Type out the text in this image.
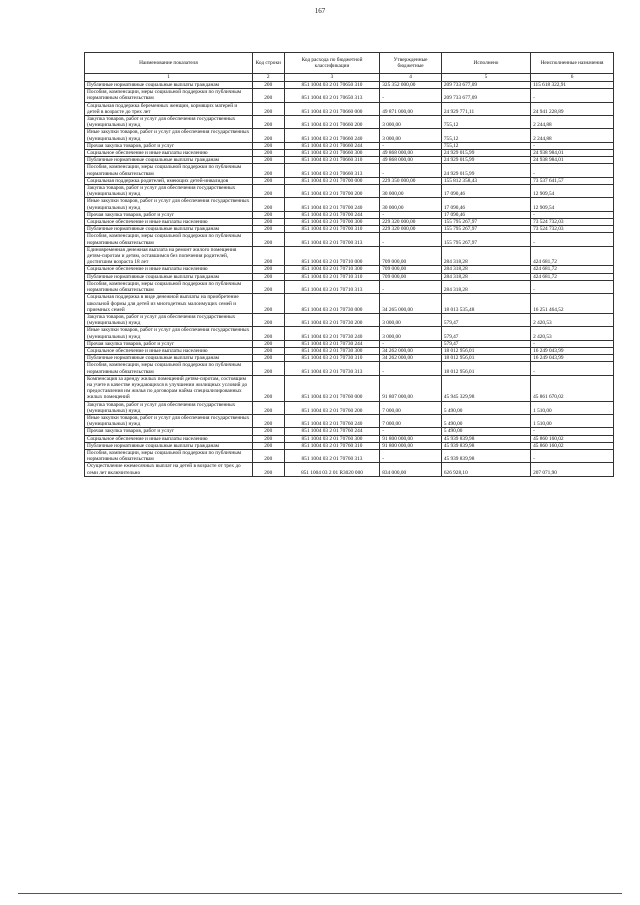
167
Наименование показателя	Код строки	Код расхода по бюджетной классификации	Утвержденные бюджетные	Исполнено	Неисполненные назначения
1	2	3	4	5	6
Публичные нормативные социальные выплаты гражданам	200	851 1004 03 2 01 70650 310	325 352 000,00	209 733 677,09	115 618 322,91
Пособия, компенсации, меры социальной поддержки по публичным нормативным обязательствам	200	851 1004 03 2 01 70650 313	-	209 733 677,09	-
Социальная поддержка беременных женщин, кормящих матерей и детей в возрасте до трех лет	200	851 1004 03 2 01 70660 000	49 871 000,00	24 929 771,11	24 941 228,89
Закупка товаров, работ и услуг для обеспечения государственных (муниципальных) нужд	200	851 1004 03 2 01 70660 200	3 000,00	755,12	2 244,88
Иные закупки товаров, работ и услуг для обеспечения государственных (муниципальных) нужд	200	851 1004 03 2 01 70660 240	3 000,00	755,12	2 244,88
Прочая закупка товаров, работ и услуг	200	851 1004 03 2 01 70660 244	-	755,12	-
Социальное обеспечение и иные выплаты населению	200	851 1004 03 2 01 70660 300	49 868 000,00	24 929 015,99	24 938 984,01
Публичные нормативные социальные выплаты гражданам	200	851 1004 03 2 01 70660 310	49 868 000,00	24 929 015,99	24 938 984,01
Пособия, компенсации, меры социальной поддержки по публичным нормативным обязательствам	200	851 1004 03 2 01 70660 313	-	24 929 015,99	-
Социальная поддержка родителей, имеющих детей-инвалидов	200	851 1004 03 2 01 70700 000	229 350 000,00	155 812 358,43	73 537 641,57
Закупка товаров, работ и услуг для обеспечения государственных (муниципальных) нужд	200	851 1004 03 2 01 70700 200	30 000,00	17 090,46	12 909,54
Иные закупки товаров, работ и услуг для обеспечения государственных (муниципальных) нужд	200	851 1004 03 2 01 70700 240	30 000,00	17 090,46	12 909,54
Прочая закупка товаров, работ и услуг	200	851 1004 03 2 01 70700 244	-	17 090,46	-
Социальное обеспечение и иные выплаты населению	200	851 1004 03 2 01 70700 300	229 320 000,00	155 795 267,97	73 524 732,03
Публичные нормативные социальные выплаты гражданам	200	851 1004 03 2 01 70700 310	229 320 000,00	155 795 267,97	73 524 732,03
Пособия, компенсации, меры социальной поддержки по публичным нормативным обязательствам	200	851 1004 03 2 01 70700 313	-	155 795 267,97	-
Единовременная денежная выплата на ремонт жилого помещения детям-сиротам и детям, оставшимся без попечения родителей, достигшим возраста 18 лет	200	851 1004 03 2 01 70710 000	709 000,00	284 318,28	424 681,72
Социальное обеспечение и иные выплаты населению	200	851 1004 03 2 01 70710 300	709 000,00	284 318,28	424 681,72
Публичные нормативные социальные выплаты гражданам	200	851 1004 03 2 01 70710 310	709 000,00	284 318,28	424 681,72
Пособия, компенсации, меры социальной поддержки по публичным нормативным обязательствам	200	851 1004 03 2 01 70710 313	-	284 318,28	-
Социальная поддержка в виде денежной выплаты на приобретение школьной формы для детей из многодетных малоимущих семей и приемных семей	200	851 1004 03 2 01 70730 000	34 265 000,00	18 013 535,48	16 251 464,52
Закупка товаров, работ и услуг для обеспечения государственных (муниципальных) нужд	200	851 1004 03 2 01 70730 200	3 000,00	579,47	2 420,53
Иные закупки товаров, работ и услуг для обеспечения государственных (муниципальных) нужд	200	851 1004 03 2 01 70730 240	3 000,00	579,47	2 420,53
Прочая закупка товаров, работ и услуг	200	851 1004 03 2 01 70730 244	-	579,47	-
Социальное обеспечение и иные выплаты населению	200	851 1004 03 2 01 70730 300	34 262 000,00	18 012 956,01	16 249 043,99
Публичные нормативные социальные выплаты гражданам	200	851 1004 03 2 01 70730 310	34 262 000,00	18 012 956,01	16 249 043,99
Пособия, компенсации, меры социальной поддержки по публичным нормативным обязательствам	200	851 1004 03 2 01 70730 313	-	18 012 956,01	-
Компенсация за аренду жилых помещений детям-сиротам, состоящим на учете в качестве нуждающихся в улучшении жилищных условий до предоставления им жилья по договорам найма специализированных жилых помещений	200	851 1004 03 2 01 70760 000	91 807 000,00	45 945 329,98	45 861 670,02
Закупка товаров, работ и услуг для обеспечения государственных (муниципальных) нужд	200	851 1004 03 2 01 70760 200	7 000,00	5 490,00	1 510,00
Иные закупки товаров, работ и услуг для обеспечения государственных (муниципальных) нужд	200	851 1004 03 2 01 70760 240	7 000,00	5 490,00	1 510,00
Прочая закупка товаров, работ и услуг	200	851 1004 03 2 01 70760 244	-	5 490,00	-
Социальное обеспечение и иные выплаты населению	200	851 1004 03 2 01 70760 300	91 800 000,00	45 939 839,98	45 860 160,02
Публичные нормативные социальные выплаты гражданам	200	851 1004 03 2 01 70760 310	91 800 000,00	45 939 839,98	45 860 160,02
Пособия, компенсации, меры социальной поддержки по публичным нормативным обязательствам	200	851 1004 03 2 01 70760 313	-	45 939 839,98	-
Осуществление ежемесячных выплат на детей в возрасте от трех до семи лет включительно	200	851 1004 03 2 01 R3020 000	834 000,00	626 928,10	207 071,90
